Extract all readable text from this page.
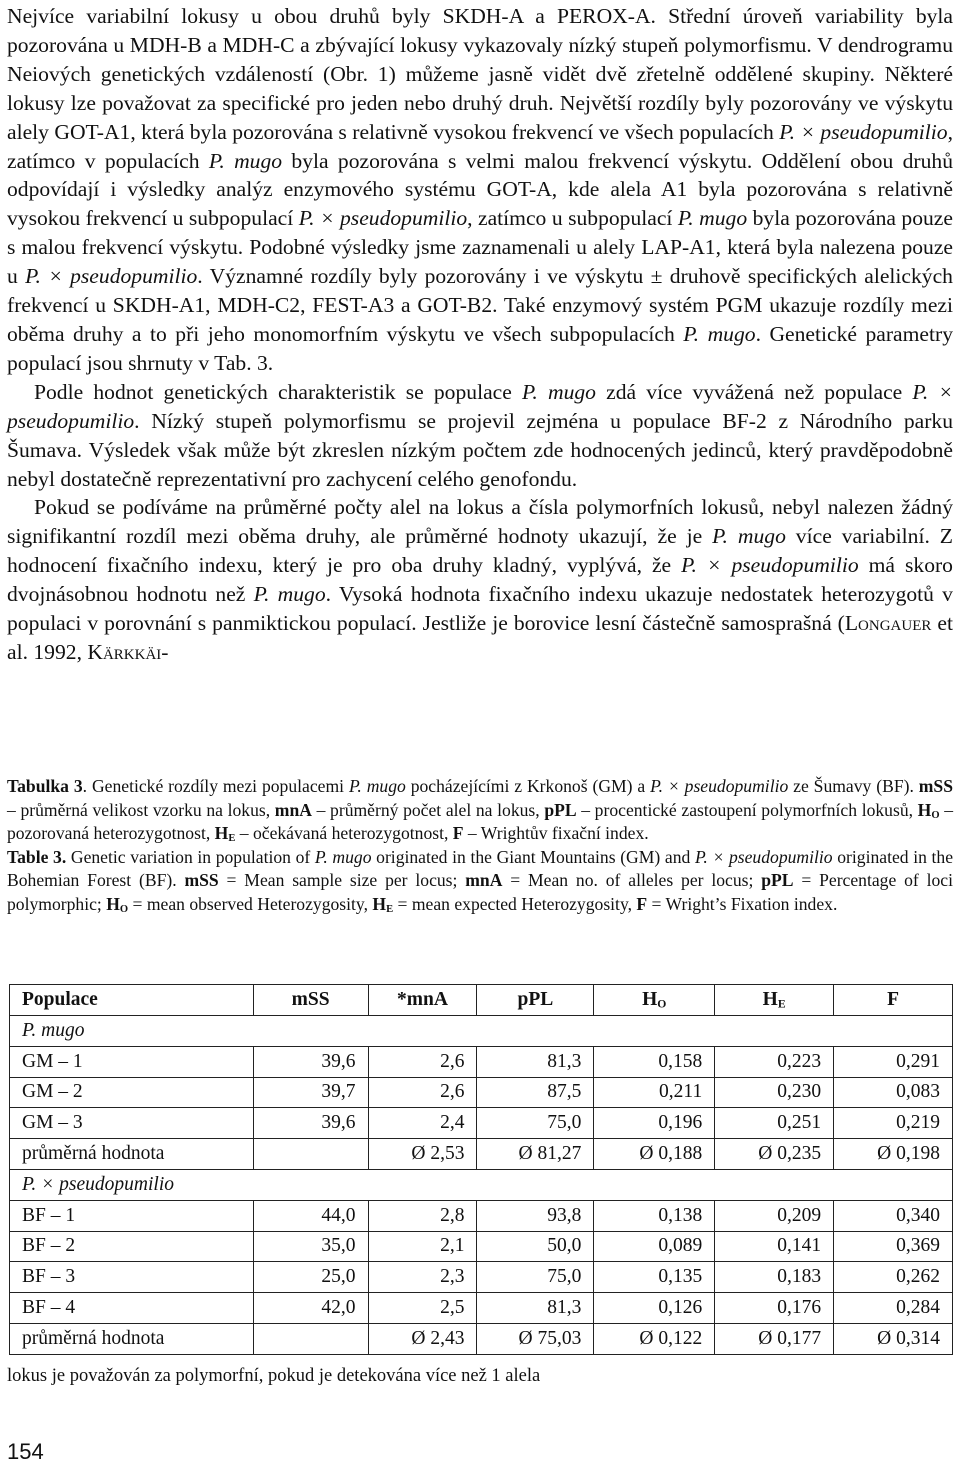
Nejvíce variabilní lokusy u obou druhů byly SKDH-A a PEROX-A. Střední úroveň variability byla pozorována u MDH-B a MDH-C a zbývající lokusy vykazovaly nízký stupeň polymorfismu. V dendrogramu Neiových genetických vzdáleností (Obr. 1) můžeme jasně vidět dvě zřetelně oddělené skupiny. Některé lokusy lze považovat za specifické pro jeden nebo druhý druh. Největší rozdíly byly pozorovány ve výskytu alely GOT-A1, která byla pozorována s relativně vysokou frekvencí ve všech populacích P. × pseudopumilio, zatímco v populacích P. mugo byla pozorována s velmi malou frekvencí výskytu. Oddělení obou druhů odpovídají i výsledky analýz enzymového systému GOT-A, kde alela A1 byla pozorována s relativně vysokou frekvencí u subpopulací P. × pseudopumilio, zatímco u subpopulací P. mugo byla pozorována pouze s malou frekvencí výskytu. Podobné výsledky jsme zaznamenali u alely LAP-A1, která byla nalezena pouze u P. × pseudopumilio. Významné rozdíly byly pozorovány i ve výskytu ± druhově specifických alelických frekvencí u SKDH-A1, MDH-C2, FEST-A3 a GOT-B2. Také enzymový systém PGM ukazuje rozdíly mezi oběma druhy a to při jeho monomorfním výskytu ve všech subpopulacích P. mugo. Genetické parametry populací jsou shrnuty v Tab. 3.

Podle hodnot genetických charakteristik se populace P. mugo zdá více vyvážená než populace P. × pseudopumilio. Nízký stupeň polymorfismu se projevil zejména u populace BF-2 z Národního parku Šumava. Výsledek však může být zkreslen nízkým počtem zde hodnocených jedinců, který pravděpodobně nebyl dostatečně reprezentativní pro zachycení celého genofondu.

Pokud se podíváme na průměrné počty alel na lokus a čísla polymorfních lokusů, nebyl nalezen žádný signifikantní rozdíl mezi oběma druhy, ale průměrné hodnoty ukazují, že je P. mugo více variabilní. Z hodnocení fixačního indexu, který je pro oba druhy kladný, vyplývá, že P. × pseudopumilio má skoro dvojnásobnou hodnotu než P. mugo. Vysoká hodnota fixačního indexu ukazuje nedostatek heterozygotů v populaci v porovnání s panmiktickou populací. Jestliže je borovice lesní částečně samosprašná (Longauer et al. 1992, Kärkkäi-

Tabulka 3. Genetické rozdíly mezi populacemi P. mugo pocházejícími z Krkonoš (GM) a P. × pseudopumilio ze Šumavy (BF). mSS – průměrná velikost vzorku na lokus, mnA – průměrný počet alel na lokus, pPL – procentické zastoupení polymorfních lokusů, $H_O$ – pozorovaná heterozygotnost, $H_E$ – očekávaná heterozygotnost, F – Wrightův fixační index.

Table 3. Genetic variation in population of P. mugo originated in the Giant Mountains (GM) and P. × pseudopumilio originated in the Bohemian Forest (BF). mSS = Mean sample size per locus; mnA = Mean no. of alleles per locus; pPL = Percentage of loci polymorphic; $H_O$ = mean observed Heterozygosity, $H_E$ = mean expected Heterozygosity, F = Wright’s Fixation index.

Populace	mSS	*mnA	pPL	$H_O$	$H_E$	F
P. mugo						
GM – 1	39,6	2,6	81,3	0,158	0,223	0,291
GM – 2	39,7	2,6	87,5	0,211	0,230	0,083
GM – 3	39,6	2,4	75,0	0,196	0,251	0,219
průměrná hodnota		Ø 2,53	Ø 81,27	Ø 0,188	Ø 0,235	Ø 0,198
P. × pseudopumilio						
BF – 1	44,0	2,8	93,8	0,138	0,209	0,340
BF – 2	35,0	2,1	50,0	0,089	0,141	0,369
BF – 3	25,0	2,3	75,0	0,135	0,183	0,262
BF – 4	42,0	2,5	81,3	0,126	0,176	0,284
průměrná hodnota		Ø 2,43	Ø 75,03	Ø 0,122	Ø 0,177	Ø 0,314
lokus je považován za polymorfní, pokud je detekována více než 1 alela
154
